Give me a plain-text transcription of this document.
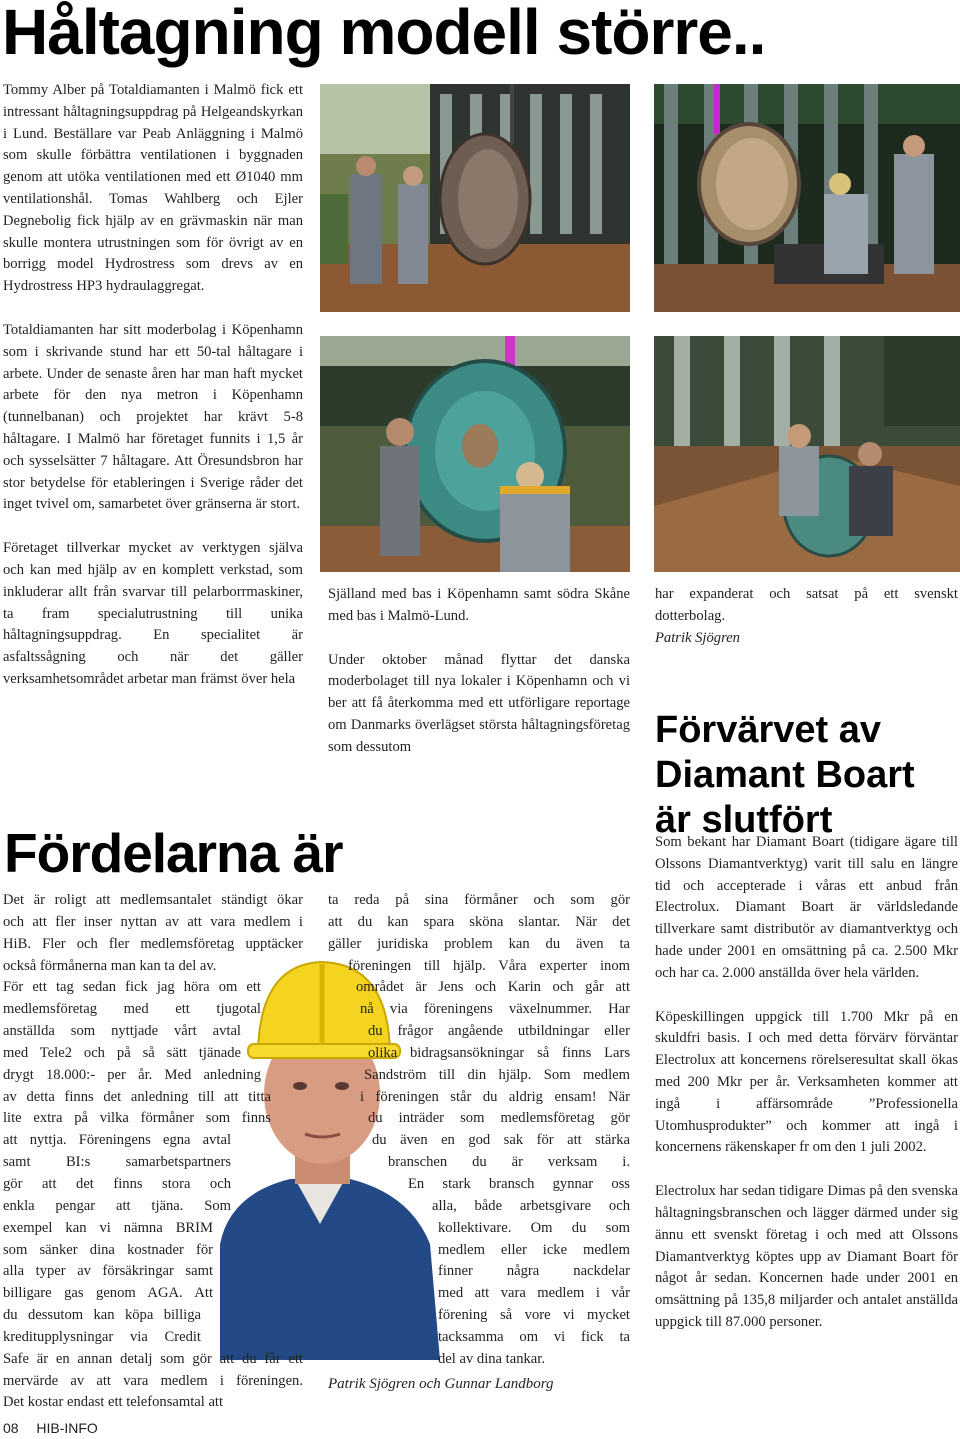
Håltagning modell större..

Tommy Alber på Totaldiamanten i Malmö fick ett intressant håltagningsuppdrag på Helgeandskyrkan i Lund. Beställare var Peab Anläggning i Malmö som skulle förbättra ventilationen i byggnaden genom att utöka ventilationen med ett Ø1040 mm ventilationshål. Tomas Wahlberg och Ejler Degnebolig fick hjälp av en grävmaskin när man skulle montera utrustningen som för övrigt av en borrigg model Hydrostress som drevs av en Hydrostress HP3 hydraulaggregat.

Totaldiamanten har sitt moderbolag i Köpenhamn som i skrivande stund har ett 50-tal håltagare i arbete. Under de senaste åren har man haft mycket arbete för den nya metron i Köpenhamn (tunnelbanan) och projektet har krävt 5-8 håltagare. I Malmö har företaget funnits i 1,5 år och sysselsätter 7 håltagare. Att Öresundsbron har stor betydelse för etableringen i Sverige råder det inget tvivel om, samarbetet över gränserna är stort.

Företaget tillverkar mycket av verktygen själva och kan med hjälp av en komplett verkstad, som inkluderar allt från svarvar till pelarborrmaskiner, ta fram specialutrustning till unika håltagningsuppdrag. En specialitet är asfaltssågning och när det gäller verksamhetsområdet arbetar man främst över hela

Själland med bas i Köpenhamn samt södra Skåne med bas i Malmö-Lund.

Under oktober månad flyttar det danska moderbolaget till nya lokaler i Köpenhamn och vi ber att få återkomma med ett utförligare reportage om Danmarks överlägset största håltagningsföretag som dessutom

har expanderat och satsat på ett svenskt dotterbolag.
Patrik Sjögren
Förvärvet av Diamant Boart är slutfört

Som bekant har Diamant Boart (tidigare ägare till Olssons Diamantverktyg) varit till salu en längre tid och accepterade i våras ett anbud från Electrolux. Diamant Boart är världsledande tillverkare samt distributör av diamantverktyg och hade under 2001 en omsättning på ca. 2.500 Mkr och har ca. 2.000 anställda över hela världen.

Köpeskillingen uppgick till 1.700 Mkr på en skuldfri basis. I och med detta förvärv förväntar Electrolux att koncernens rörelseresultat skall ökas med 200 Mkr per år. Verksamheten kommer att ingå i affärsområde ”Professionella Utomhusprodukter” och kommer att ingå i koncernens räkenskaper fr om den 1 juli 2002.

Electrolux har sedan tidigare Dimas på den svenska håltagningsbranschen och lägger därmed under sig ännu ett svenskt företag i och med att Olssons Diamantverktyg köptes upp av Diamant Boart för något år sedan. Koncernen hade under 2001 en omsättning på 135,8 miljarder och antalet anställda uppgick till 87.000 personer.

Fördelarna är
Det är roligt att medlemsantalet ständigt ökar
och att fler inser nyttan av att vara medlem i
HiB. Fler och fler medlemsföretag upptäcker
också förmånerna man kan ta del av.
För ett tag sedan fick jag höra om ett
medlemsföretag med ett tjugotal
anställda som nyttjade vårt avtal
med Tele2 och på så sätt tjänade
drygt 18.000:- per år. Med anledning
av detta finns det anledning till att titta
lite extra på vilka förmåner som finns
att nyttja. Föreningens egna avtal
samt BI:s samarbetspartners
gör att det finns stora och
enkla pengar att tjäna. Som
exempel kan vi nämna BRIM
som sänker dina kostnader för
alla typer av försäkringar samt
billigare gas genom AGA. Att
du dessutom kan köpa billiga
kreditupplysningar via Credit
Safe är en annan detalj som gör att du får ett
mervärde av att vara medlem i föreningen.
Det kostar endast ett telefonsamtal att
ta reda på sina förmåner och som gör
att du kan spara sköna slantar. När det
gäller juridiska problem kan du även ta
föreningen till hjälp. Våra experter inom
området är Jens och Karin och går att
nå via föreningens växelnummer. Har
du frågor angående utbildningar eller
olika bidragsansökningar så finns Lars
Sandström till din hjälp. Som medlem
i föreningen står du aldrig ensam! När
du inträder som medlemsföretag gör
du även en god sak för att stärka
branschen du är verksam i.
En stark bransch gynnar oss
alla, både arbetsgivare och
kollektivare. Om du som
medlem eller icke medlem
finner några nackdelar
med att vara medlem i vår
förening så vore vi mycket
tacksamma om vi fick ta
del av dina tankar.
Patrik Sjögren och Gunnar Landborg
08 HIB-INFO
